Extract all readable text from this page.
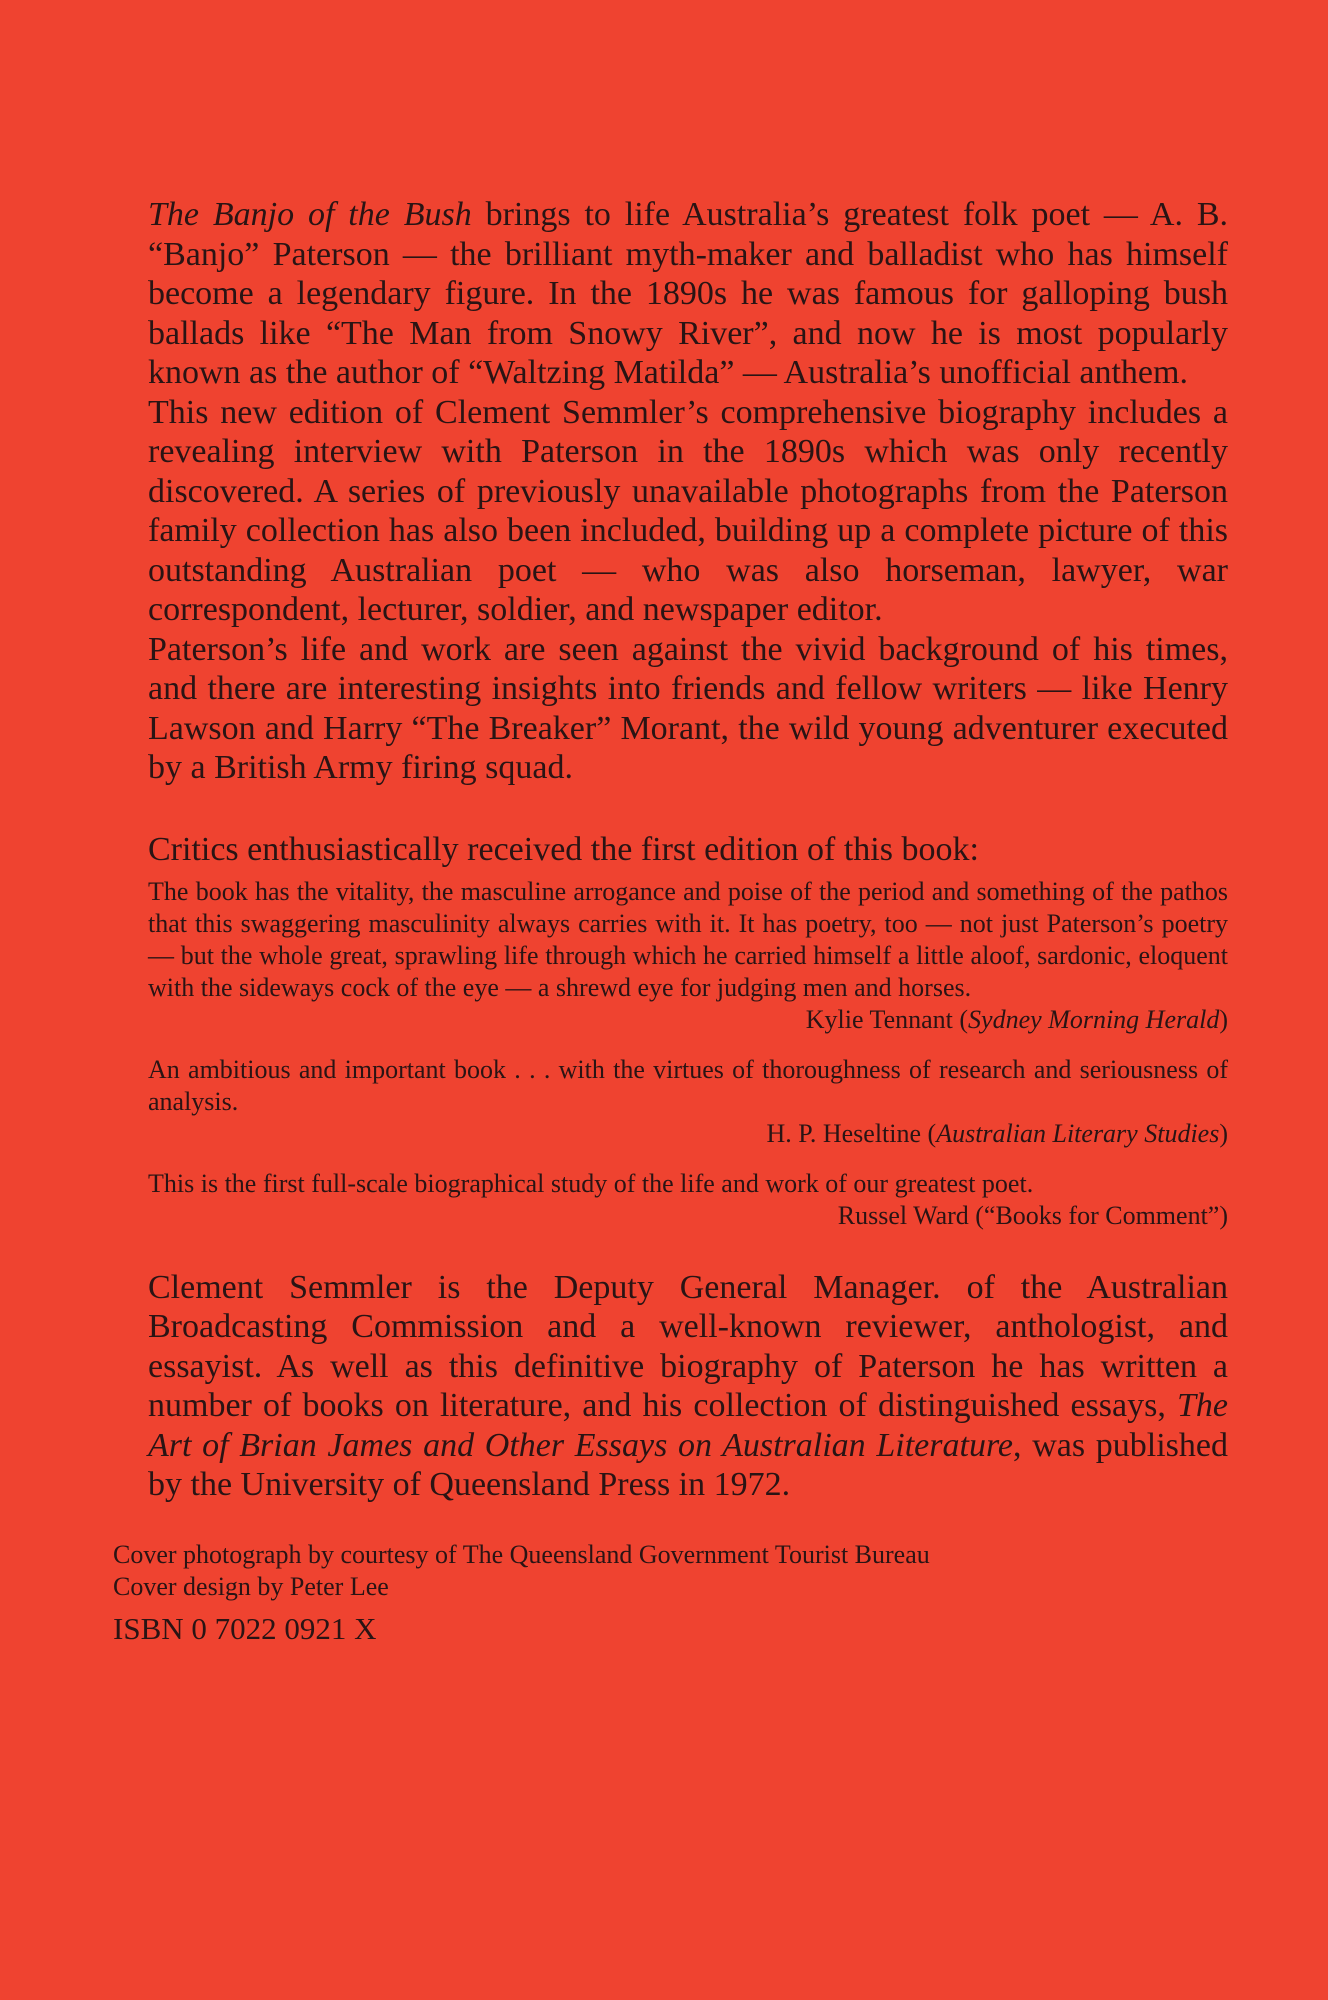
The Banjo of the Bush brings to life Australia’s greatest folk poet — A. B. “Banjo” Paterson — the brilliant myth-maker and balladist who has himself become a legendary figure. In the 1890s he was famous for galloping bush ballads like “The Man from Snowy River”, and now he is most popularly known as the author of “Waltzing Matilda” — Australia’s unofficial anthem.

This new edition of Clement Semmler’s comprehensive biography includes a revealing interview with Paterson in the 1890s which was only recently discovered. A series of previously unavailable photographs from the Paterson family collection has also been included, building up a complete picture of this outstanding Australian poet — who was also horseman, lawyer, war correspondent, lecturer, soldier, and newspaper editor.

Paterson’s life and work are seen against the vivid background of his times, and there are interesting insights into friends and fellow writers — like Henry Lawson and Harry “The Breaker” Morant, the wild young adventurer executed by a British Army firing squad.

Critics enthusiastically received the first edition of this book:

The book has the vitality, the masculine arrogance and poise of the period and something of the pathos that this swaggering masculinity always carries with it. It has poetry, too — not just Paterson’s poetry — but the whole great, sprawling life through which he carried himself a little aloof, sardonic, eloquent with the sideways cock of the eye — a shrewd eye for judging men and horses.

Kylie Tennant (Sydney Morning Herald)

An ambitious and important book . . . with the virtues of thoroughness of research and seriousness of analysis.

H. P. Heseltine (Australian Literary Studies)

This is the first full-scale biographical study of the life and work of our greatest poet.

Russel Ward (“Books for Comment”)

Clement Semmler is the Deputy General Manager. of the Australian Broadcasting Commission and a well-known reviewer, anthologist, and essayist. As well as this definitive biography of Paterson he has written a number of books on literature, and his collection of distinguished essays, The Art of Brian James and Other Essays on Australian Literature, was published by the University of Queensland Press in 1972.

Cover photograph by courtesy of The Queensland Government Tourist Bureau
Cover design by Peter Lee
ISBN 0 7022 0921 X
